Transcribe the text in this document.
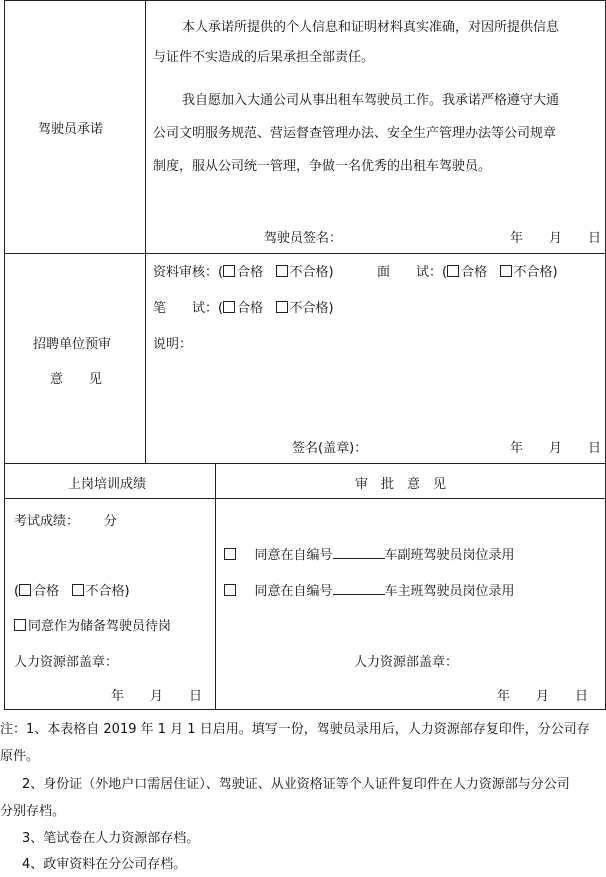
驾驶员承诺
本人承诺所提供的个人信息和证明材料真实准确，对因所提供信息
与证件不实造成的后果承担全部责任。
我自愿加入大通公司从事出租车驾驶员工作。我承诺严格遵守大通
公司文明服务规范、营运督查管理办法、安全生产管理办法等公司规章
制度，服从公司统一管理，争做一名优秀的出租车驾驶员。
驾驶员签名：	年　　月　　日
招聘单位预审
意　　见
资料审核：( 合格 不合格)	面　　试：( 合格 不合格)
笔　　试：( 合格 不合格)
说明：
签名(盖章)：	年　　月　　日
上岗培训成绩	审　批　意　见
考试成绩： 分
( 合格 不合格)
同意作为储备驾驶员待岗
人力资源部盖章：
年　　月　　日
同意在自编号	车副班驾驶员岗位录用
同意在自编号	车主班驾驶员岗位录用
人力资源部盖章：
年　　月　　日
注：1、本表格自 2019 年 1 月 1 日启用。填写一份，驾驶员录用后，人力资源部存复印件，分公司存
原件。
2、身份证（外地户口需居住证）、驾驶证、从业资格证等个人证件复印件在人力资源部与分公司
分别存档。
3、笔试卷在人力资源部存档。
4、政审资料在分公司存档。
